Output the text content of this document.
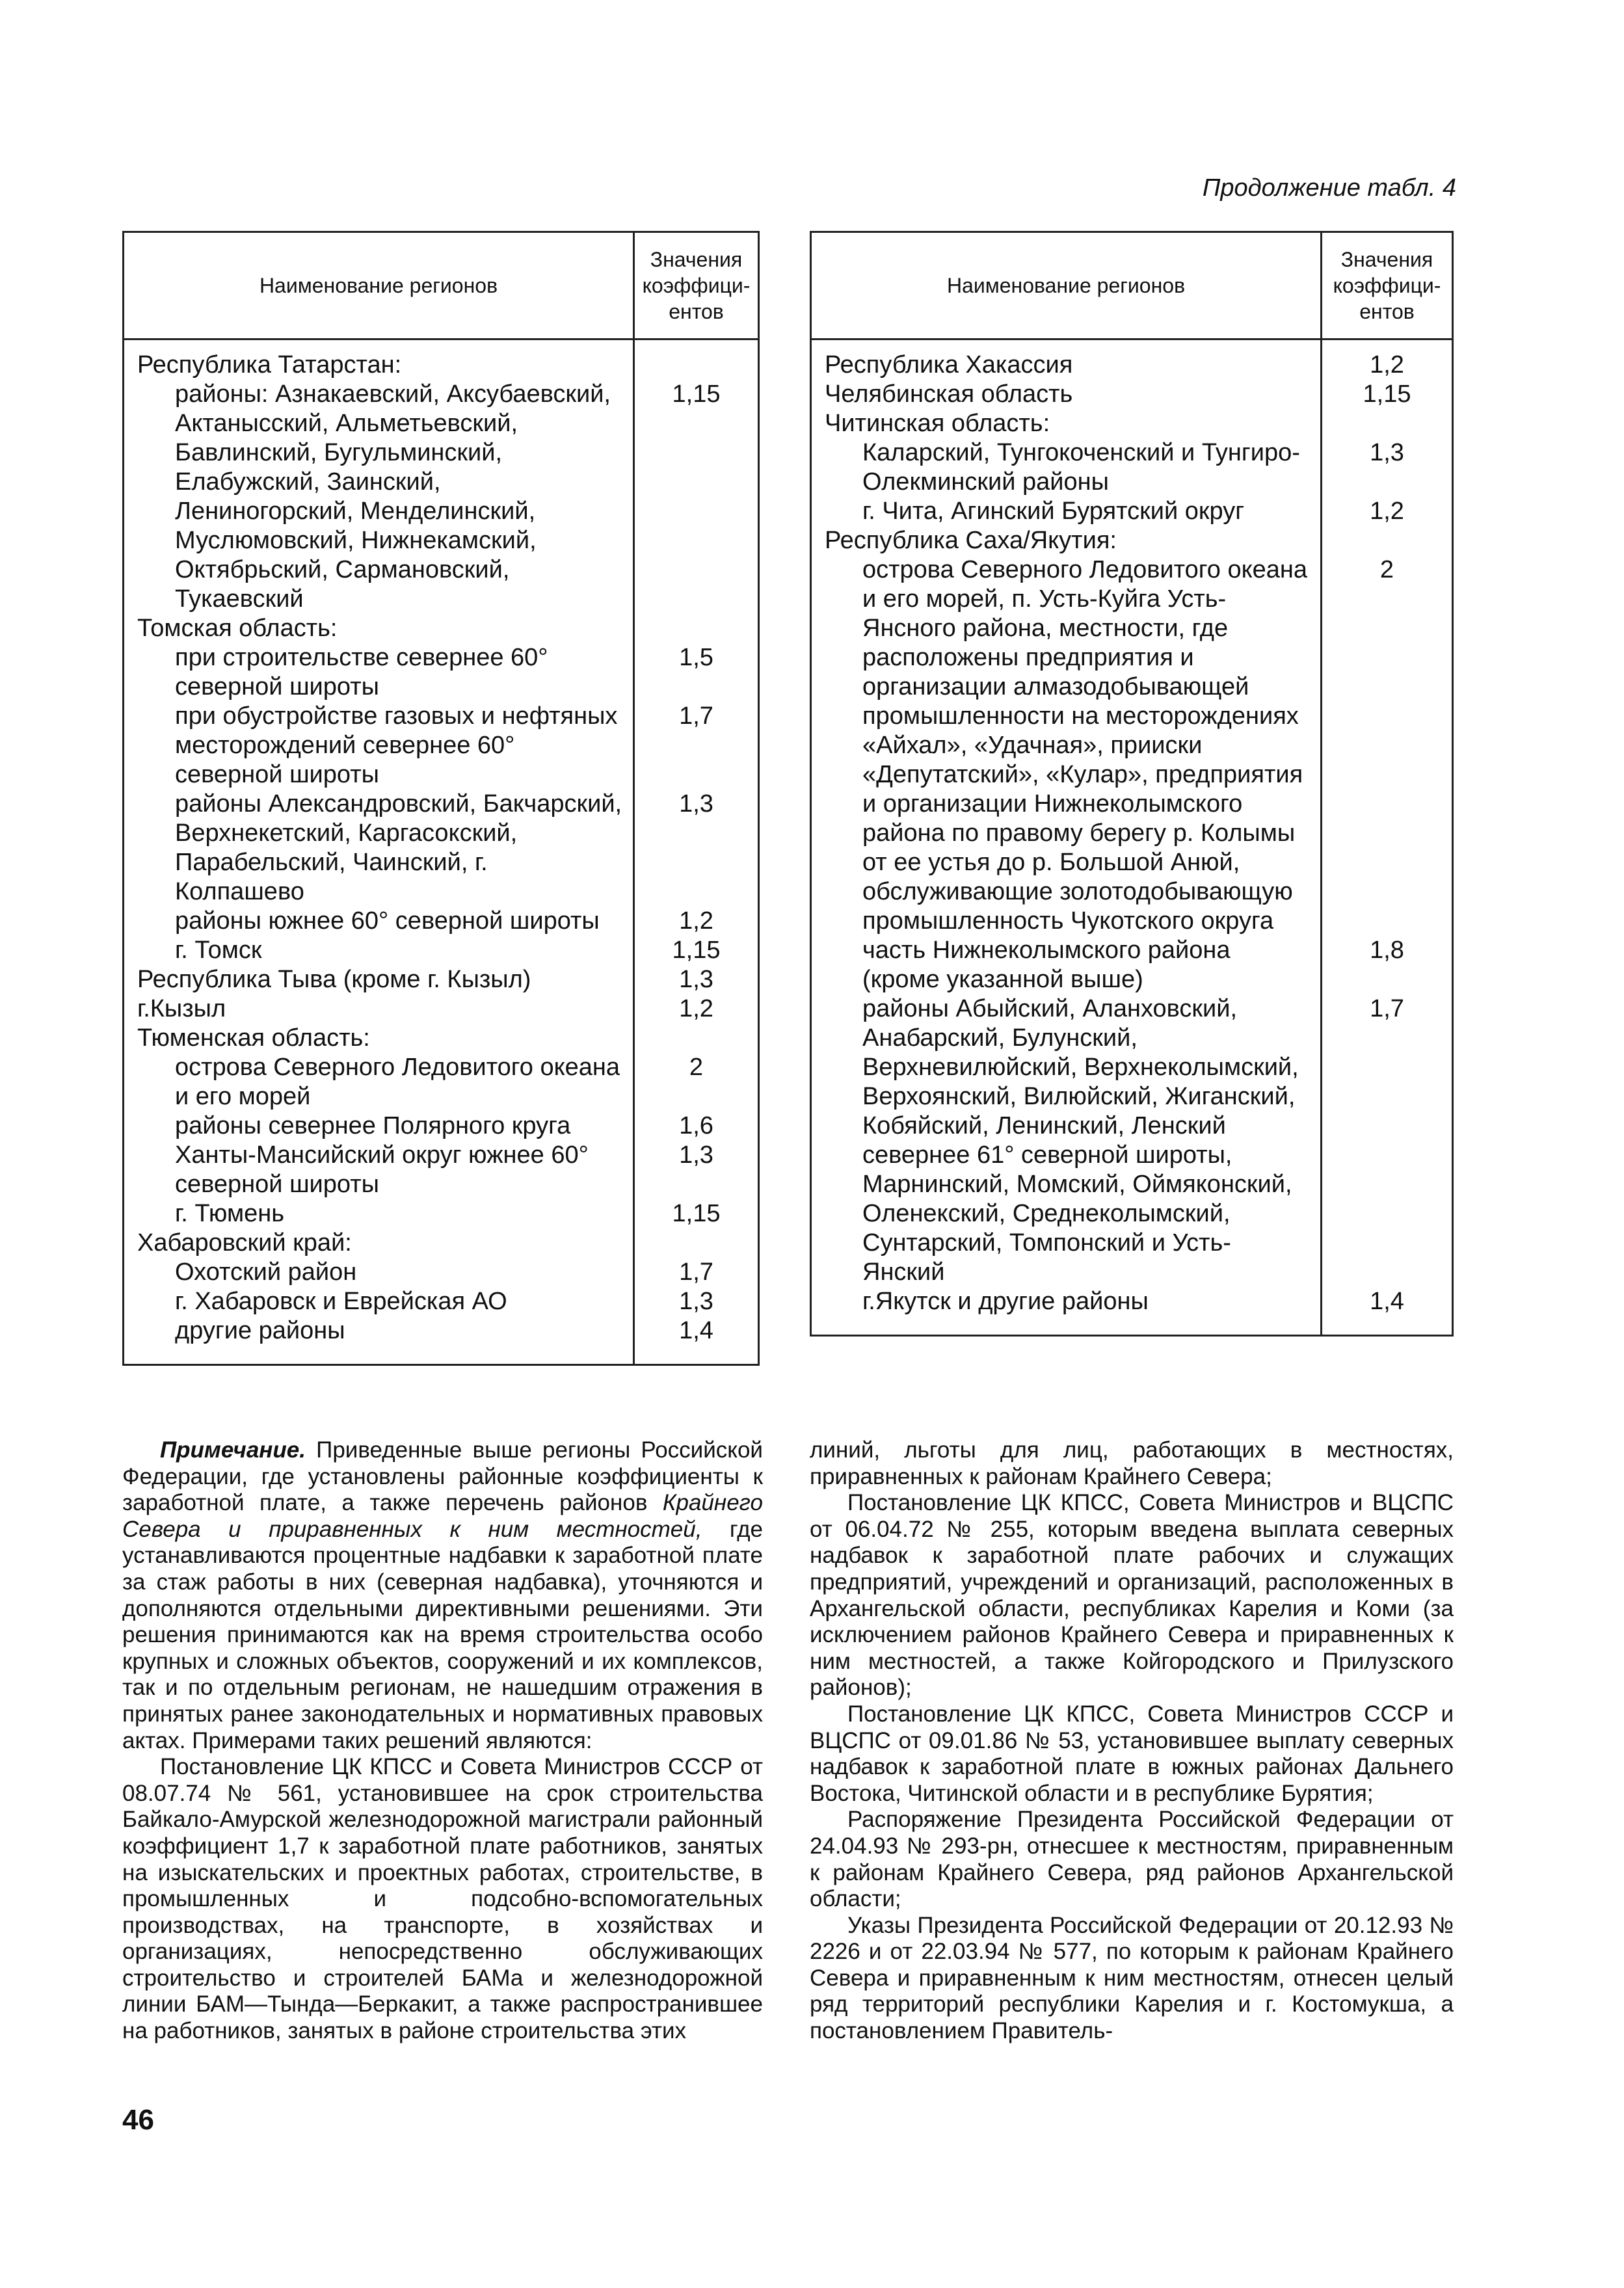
Продолжение табл. 4
Наименование регионов	Значения коэффици- ентов
Республика Татарстан:	
районы: Азнакаевский, Аксубаевский, Актанысский, Альметьевский, Бавлинский, Бугульминский, Елабужский, Заинский, Лениногорский, Менделинский, Муслюмовский, Нижнекамский, Октябрьский, Сармановский, Тукаевский	1,15
Томская область:	
при строительстве севернее 60° северной широты	1,5
при обустройстве газовых и нефтяных месторождений севернее 60° северной широты	1,7
районы Александровский, Бакчарский, Верхнекетский, Каргасокский, Парабельский, Чаинский, г. Колпашево	1,3
районы южнее 60° северной широты	1,2
г. Томск	1,15
Республика Тыва (кроме г. Кызыл)	1,3
г.Кызыл	1,2
Тюменская область:	
острова Северного Ледовитого океана и его морей	2
районы севернее Полярного круга	1,6
Ханты-Мансийский округ южнее 60° северной широты	1,3
г. Тюмень	1,15
Хабаровский край:	
Охотский район	1,7
г. Хабаровск и Еврейская АО	1,3
другие районы	1,4
Наименование регионов	Значения коэффици- ентов
Республика Хакассия	1,2
Челябинская область	1,15
Читинская область:	
Каларский, Тунгокоченский и Тунгиро-Олекминский районы	1,3
г. Чита, Агинский Бурятский округ	1,2
Республика Саха/Якутия:	
острова Северного Ледовитого океана и его морей, п. Усть-Куйга Усть-Янсного района, местности, где расположены предприятия и организации алмазодобывающей промышленности на месторождениях «Айхал», «Удачная», прииски «Депутатский», «Кулар», предприятия и организации Нижнеколымского района по правому берегу р. Колымы от ее устья до р. Большой Анюй, обслуживающие золотодобывающую промышленность Чукотского округа	2
часть Нижнеколымского района (кроме указанной выше)	1,8
районы Абыйский, Аланховский, Анабарский, Булунский, Верхневилюйский, Верхнеколымский, Верхоянский, Вилюйский, Жиганский, Кобяйский, Ленинский, Ленский севернее 61° северной широты, Марнинский, Момский, Оймяконский, Оленекский, Среднеколымский, Сунтарский, Томпонский и Усть-Янский	1,7
г.Якутск и другие районы	1,4

Примечание. Приведенные выше регионы Российской Федерации, где установлены районные коэффициенты к заработной плате, а также перечень районов Крайнего Севера и приравненных к ним местностей, где устанавливаются процентные надбавки к заработной плате за стаж работы в них (северная надбавка), уточняются и дополняются отдельными директивными решениями. Эти решения принимаются как на время строительства особо крупных и сложных объектов, сооружений и их комплексов, так и по отдельным регионам, не нашедшим отражения в принятых ранее законодательных и нормативных правовых актах. Примерами таких решений являются:

Постановление ЦК КПСС и Совета Министров СССР от 08.07.74 № 561, установившее на срок строительства Байкало-Амурской железнодорожной магистрали районный коэффициент 1,7 к заработной плате работников, занятых на изыскательских и проектных работах, строительстве, в промышленных и подсобно-вспомогательных производствах, на транспорте, в хозяйствах и организациях, непосредственно обслуживающих строительство и строителей БАМа и железнодорожной линии БАМ—Тында—Беркакит, а также распространившее на работников, занятых в районе строительства этих

линий, льготы для лиц, работающих в местностях, приравненных к районам Крайнего Севера;

Постановление ЦК КПСС, Совета Министров и ВЦСПС от 06.04.72 № 255, которым введена выплата северных надбавок к заработной плате рабочих и служащих предприятий, учреждений и организаций, расположенных в Архангельской области, республиках Карелия и Коми (за исключением районов Крайнего Севера и приравненных к ним местностей, а также Койгородского и Прилузского районов);

Постановление ЦК КПСС, Совета Министров СССР и ВЦСПС от 09.01.86 № 53, установившее выплату северных надбавок к заработной плате в южных районах Дальнего Востока, Читинской области и в республике Бурятия;

Распоряжение Президента Российской Федерации от 24.04.93 № 293-рн, отнесшее к местностям, приравненным к районам Крайнего Севера, ряд районов Архангельской области;

Указы Президента Российской Федерации от 20.12.93 № 2226 и от 22.03.94 № 577, по которым к районам Крайнего Севера и приравненным к ним местностям, отнесен целый ряд территорий республики Карелия и г. Костомукша, а постановлением Правитель-

46
